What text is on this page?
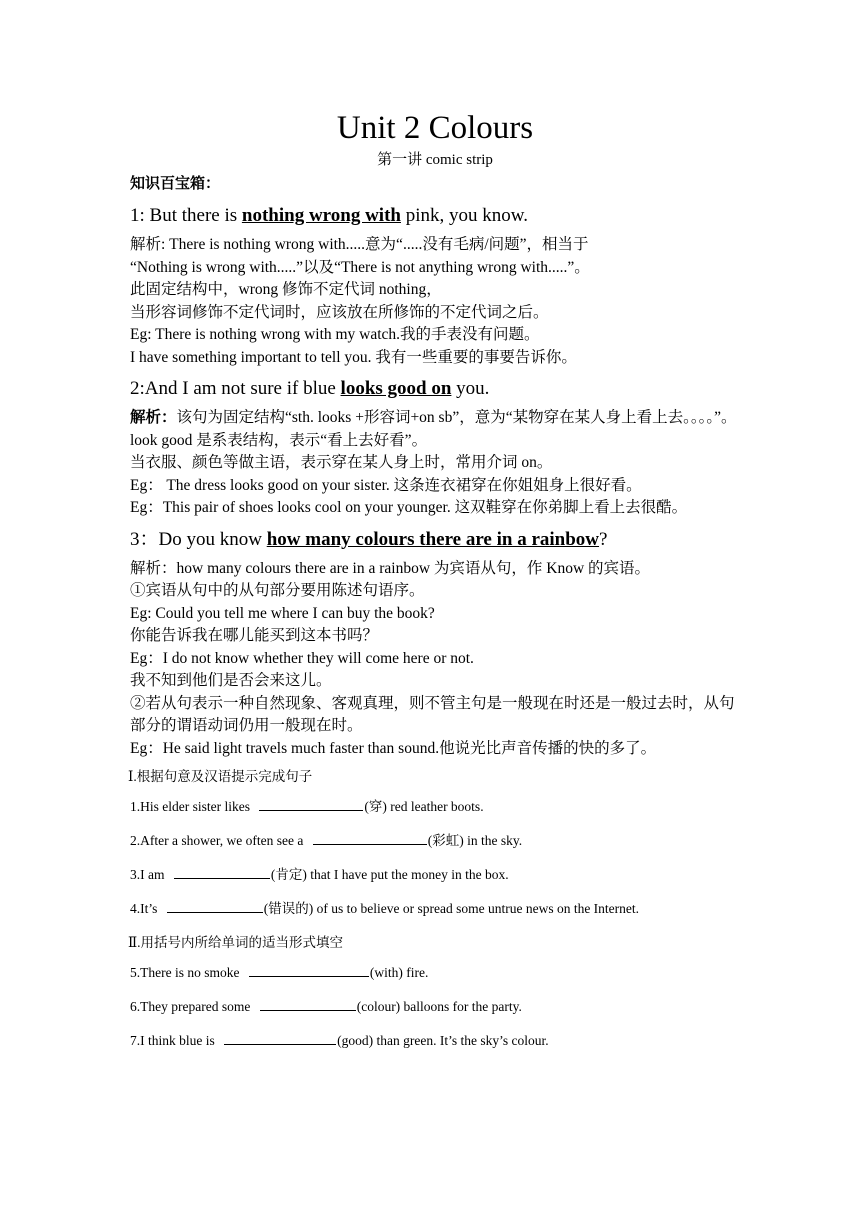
Unit 2 Colours

第一讲 comic strip

知识百宝箱：

1: But there is nothing wrong with pink, you know.

解析: There is nothing wrong with.....意为“.....没有毛病/问题”，相当于

“Nothing is wrong with.....”以及“There is not anything wrong with.....”。

此固定结构中，wrong 修饰不定代词 nothing，

当形容词修饰不定代词时，应该放在所修饰的不定代词之后。

Eg: There is nothing wrong with my watch.我的手表没有问题。

I have something important to tell you. 我有一些重要的事要告诉你。

2:And I am not sure if blue looks good on you.

解析：该句为固定结构“sth. looks +形容词+on sb”，意为“某物穿在某人身上看上去。。。。”。look good 是系表结构，表示“看上去好看”。

当衣服、颜色等做主语，表示穿在某人身上时，常用介词 on。

Eg： The dress looks good on your sister. 这条连衣裙穿在你姐姐身上很好看。

Eg：This pair of shoes looks cool on your younger. 这双鞋穿在你弟脚上看上去很酷。

3：Do you know how many colours there are in a rainbow?

解析：how many colours there are in a rainbow 为宾语从句，作 Know 的宾语。

①宾语从句中的从句部分要用陈述句语序。

Eg: Could you tell me where I can buy the book?

你能告诉我在哪儿能买到这本书吗？

Eg：I do not know whether they will come here or not.

我不知到他们是否会来这儿。

②若从句表示一种自然现象、客观真理，则不管主句是一般现在时还是一般过去时，从句部分的谓语动词仍用一般现在时。

Eg：He said light travels much faster than sound.他说光比声音传播的快的多了。

Ⅰ.根据句意及汉语提示完成句子

1.His elder sister likes	(穿) red leather boots.

2.After a shower, we often see a	(彩虹) in the sky.

3.I am	(肯定) that I have put the money in the box.

4.It’s	(错误的) of us to believe or spread some untrue news on the Internet.

Ⅱ.用括号内所给单词的适当形式填空

5.There is no smoke	(with) fire.

6.They prepared some	(colour) balloons for the party.

7.I think blue is	(good) than green. It’s the sky’s colour.
